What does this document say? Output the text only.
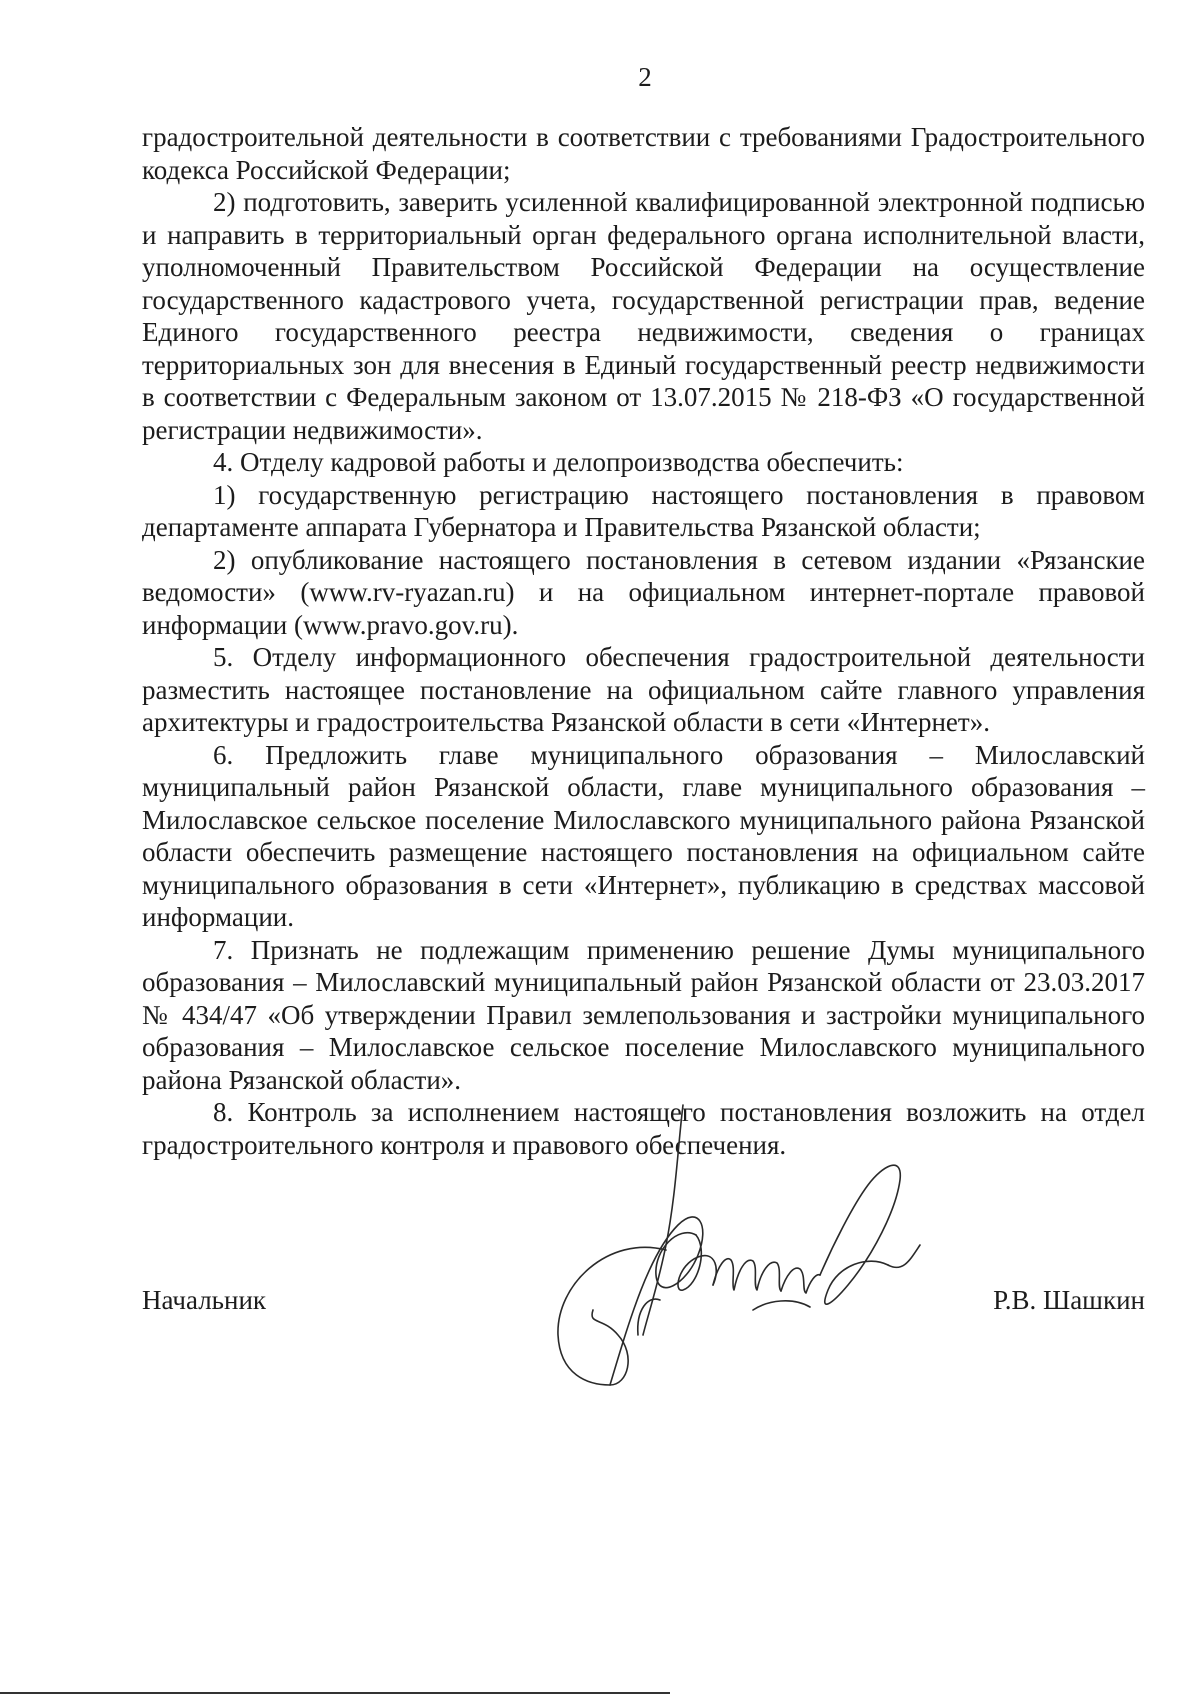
2

градостроительной деятельности в соответствии с требованиями Градостроительного кодекса Российской Федерации;

2) подготовить, заверить усиленной квалифицированной электронной подписью и направить в территориальный орган федерального органа исполнительной власти, уполномоченный Правительством Российской Федерации на осуществление государственного кадастрового учета, государственной регистрации прав, ведение Единого государственного реестра недвижимости, сведения о границах территориальных зон для внесения в Единый государственный реестр недвижимости в соответствии с Федеральным законом от 13.07.2015 № 218-ФЗ «О государственной регистрации недвижимости».

4. Отделу кадровой работы и делопроизводства обеспечить:

1) государственную регистрацию настоящего постановления в правовом департаменте аппарата Губернатора и Правительства Рязанской области;

2) опубликование настоящего постановления в сетевом издании «Рязанские ведомости» (www.rv-ryazan.ru) и на официальном интернет-портале правовой информации (www.pravo.gov.ru).

5. Отделу информационного обеспечения градостроительной деятельности разместить настоящее постановление на официальном сайте главного управления архитектуры и градостроительства Рязанской области в сети «Интернет».

6. Предложить главе муниципального образования – Милославский муниципальный район Рязанской области, главе муниципального образования – Милославское сельское поселение Милославского муниципального района Рязанской области обеспечить размещение настоящего постановления на официальном сайте муниципального образования в сети «Интернет», публикацию в средствах массовой информации.

7. Признать не подлежащим применению решение Думы муниципального образования – Милославский муниципальный район Рязанской области от 23.03.2017 № 434/47 «Об утверждении Правил землепользования и застройки муниципального образования – Милославское сельское поселение Милославского муниципального района Рязанской области».

8. Контроль за исполнением настоящего постановления возложить на отдел градостроительного контроля и правового обеспечения.

Начальник	Р.В. Шашкин
